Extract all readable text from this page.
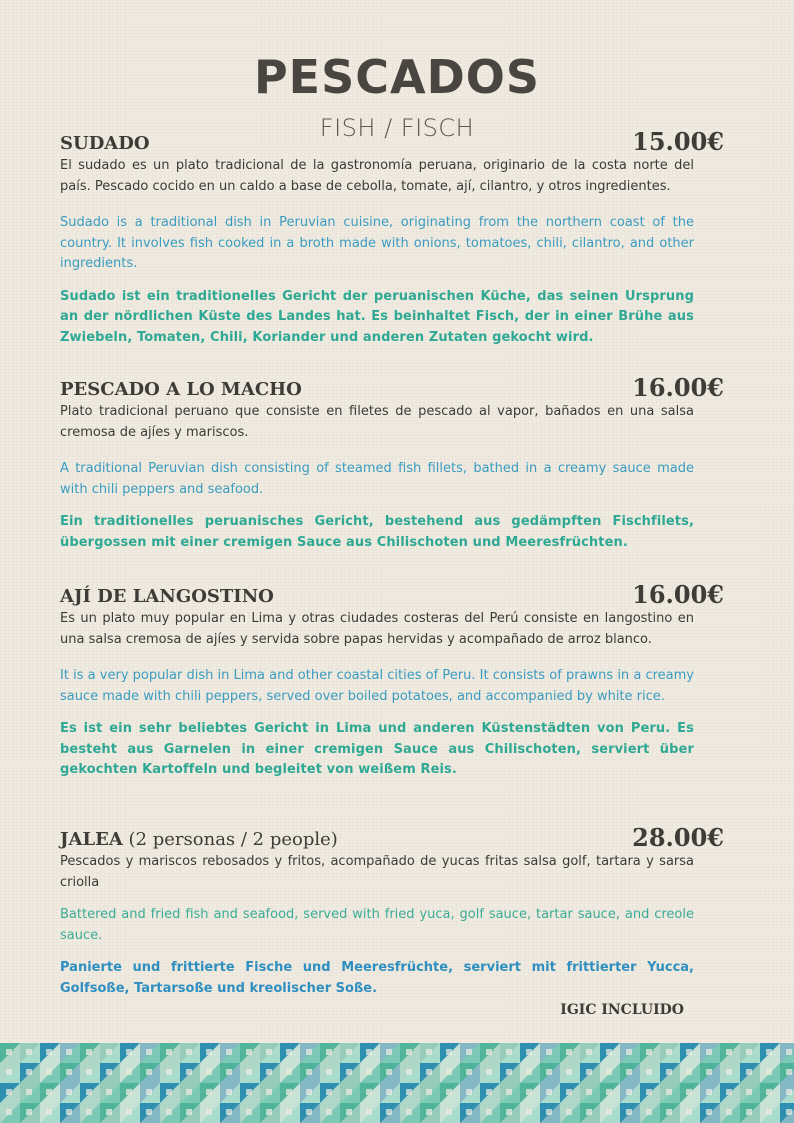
PESCADOS
FISH / FISCH
SUDADO	15.00€

El sudado es un plato tradicional de la gastronomía peruana, originario de la costa norte del país. Pescado cocido en un caldo a base de cebolla, tomate, ají, cilantro, y otros ingredientes.

Sudado is a traditional dish in Peruvian cuisine, originating from the northern coast of the country. It involves fish cooked in a broth made with onions, tomatoes, chili, cilantro, and other ingredients.

Sudado ist ein traditionelles Gericht der peruanischen Küche, das seinen Ursprung an der nördlichen Küste des Landes hat. Es beinhaltet Fisch, der in einer Brühe aus Zwiebeln, Tomaten, Chili, Koriander und anderen Zutaten gekocht wird.

PESCADO A LO MACHO	16.00€

Plato tradicional peruano que consiste en filetes de pescado al vapor, bañados en una salsa cremosa de ajíes y mariscos.

A traditional Peruvian dish consisting of steamed fish fillets, bathed in a creamy sauce made with chili peppers and seafood.

Ein traditionelles peruanisches Gericht, bestehend aus gedämpften Fischfilets, übergossen mit einer cremigen Sauce aus Chilischoten und Meeresfrüchten.

AJÍ DE LANGOSTINO	16.00€

Es un plato muy popular en Lima y otras ciudades costeras del Perú consiste en langostino en una salsa cremosa de ajíes y servida sobre papas hervidas y acompañado de arroz blanco.

It is a very popular dish in Lima and other coastal cities of Peru. It consists of prawns in a creamy sauce made with chili peppers, served over boiled potatoes, and accompanied by white rice.

Es ist ein sehr beliebtes Gericht in Lima und anderen Küstenstädten von Peru. Es besteht aus Garnelen in einer cremigen Sauce aus Chilischoten, serviert über gekochten Kartoffeln und begleitet von weißem Reis.

JALEA (2 personas / 2 people)	28.00€

Pescados y mariscos rebosados y fritos, acompañado de yucas fritas salsa golf, tartara y sarsa criolla

Battered and fried fish and seafood, served with fried yuca, golf sauce, tartar sauce, and creole sauce.

Panierte und frittierte Fische und Meeresfrüchte, serviert mit frittierter Yucca, Golfsoße, Tartarsoße und kreolischer Soße.

IGIC INCLUIDO
